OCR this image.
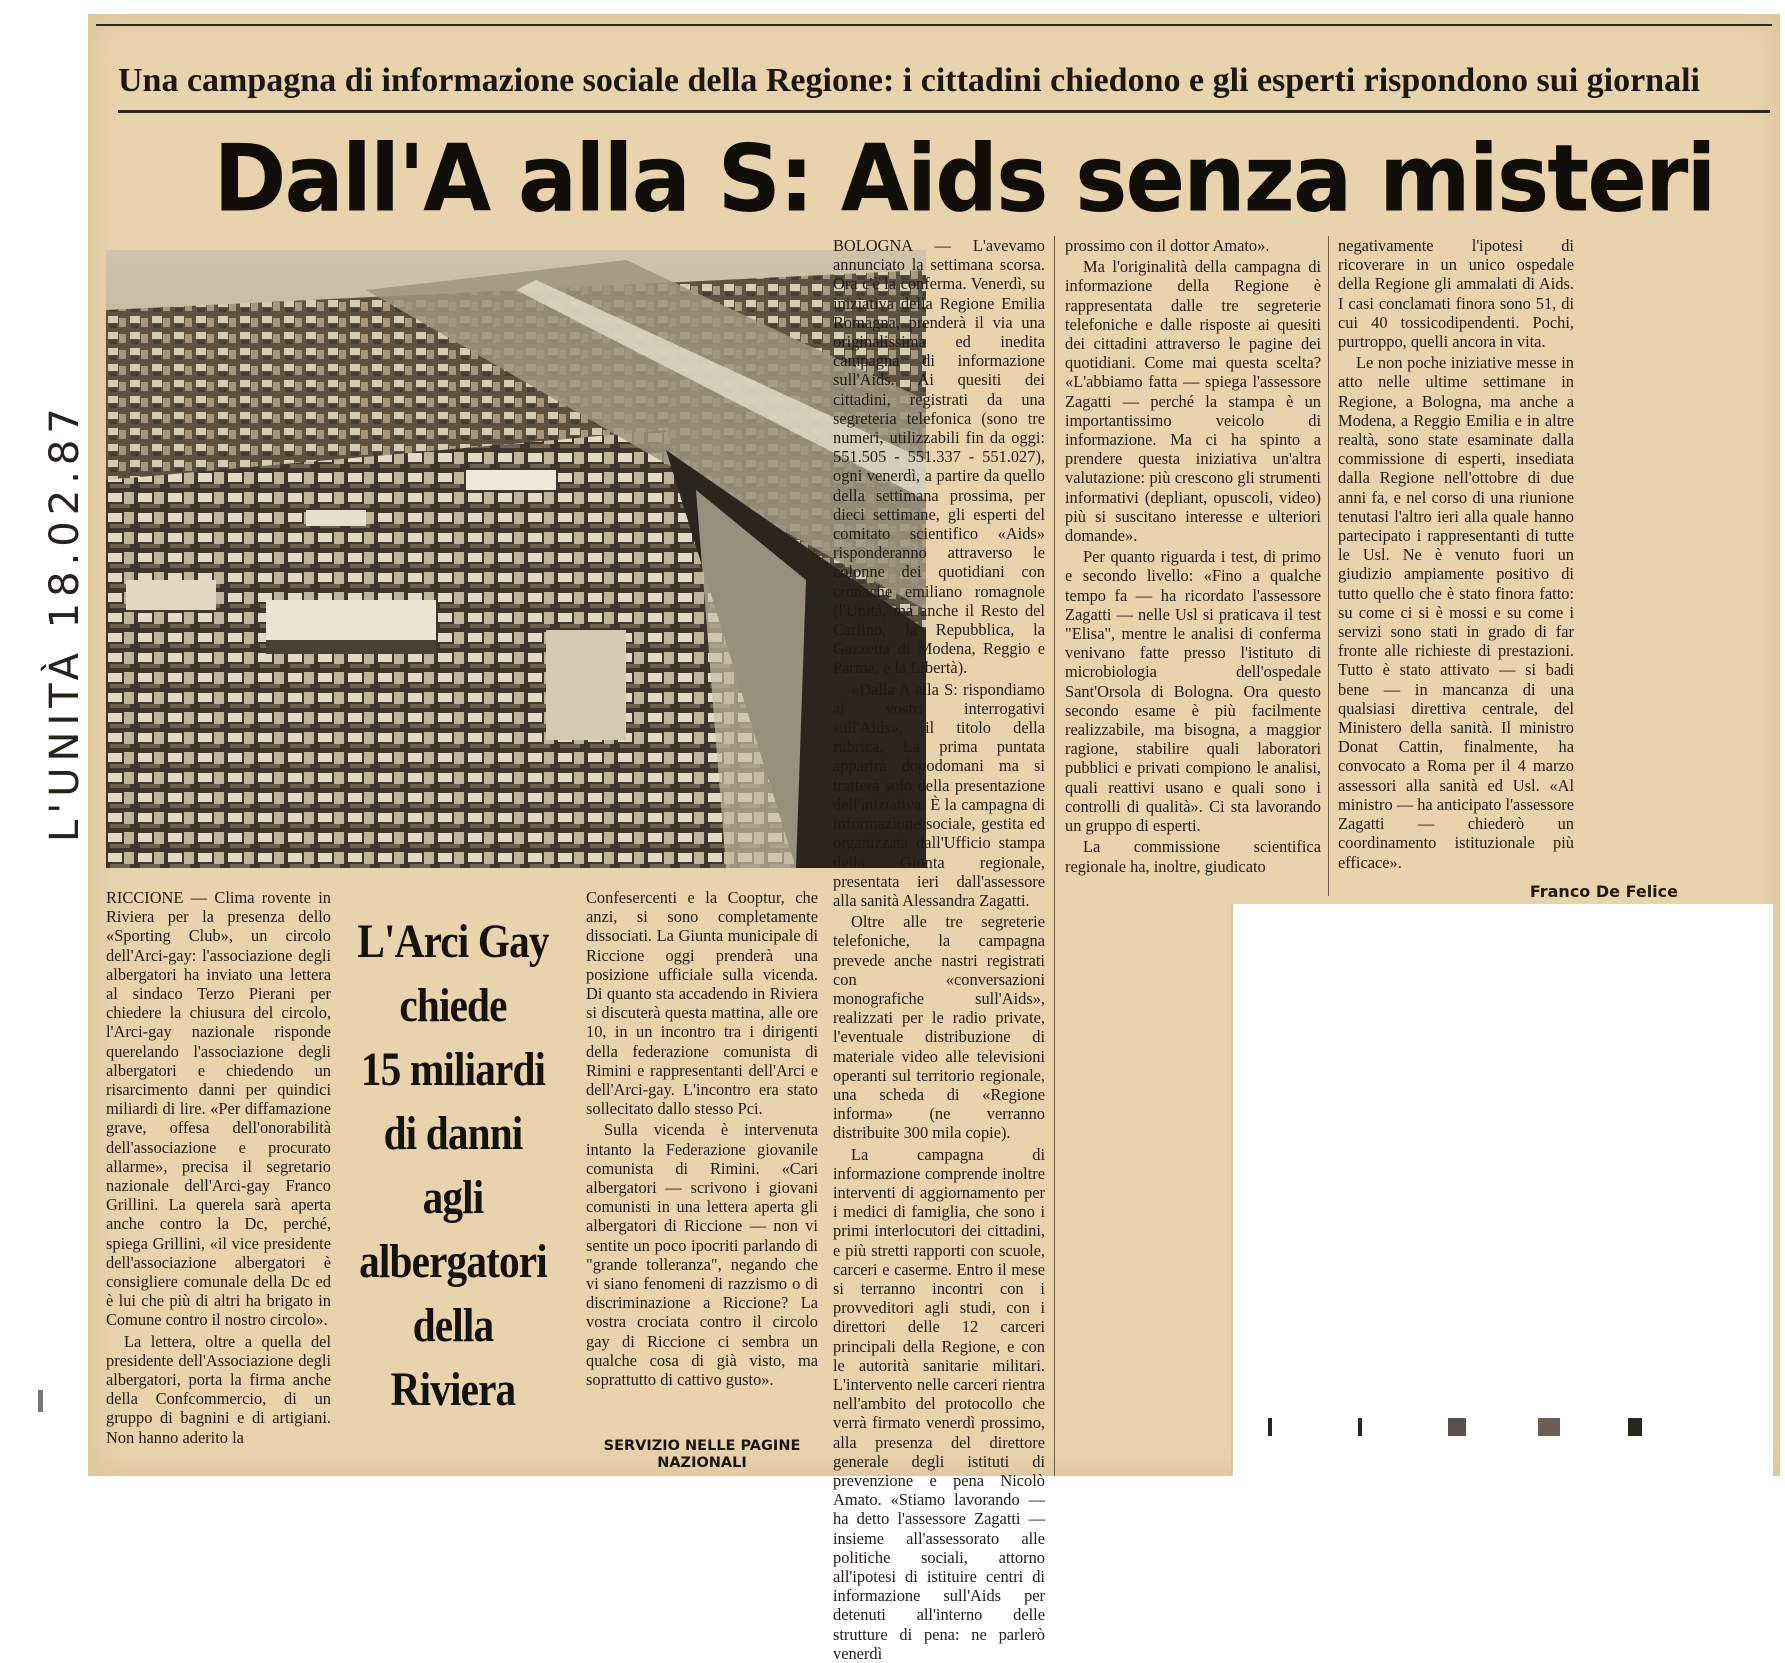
Una campagna di informazione sociale della Regione: i cittadini chiedono e gli esperti rispondono sui giornali
Dall'A alla S: Aids senza misteri

BOLOGNA — L'avevamo annunciato la settimana scorsa. Ora c'è la conferma. Venerdì, su iniziativa della Regione Emilia Romagna, prenderà il via una originalissima ed inedita campagna di informazione sull'Aids. Ai quesiti dei cittadini, registrati da una segreteria telefonica (sono tre numeri, utilizzabili fin da oggi: 551.505 - 551.337 - 551.027), ogni venerdì, a partire da quello della settimana prossima, per dieci settimane, gli esperti del comitato scientifico «Aids» risponderanno attraverso le colonne dei quotidiani con cronache emiliano romagnole (l'Unità, ma anche il Resto del Carlino, la Repubblica, la Gazzetta di Modena, Reggio e Parma, e la Libertà).

«Dalla A alla S: rispondiamo ai vostri interrogativi sull'Aids», il titolo della rubrica. La prima puntata apparirà dopodomani ma si tratterà solo della presentazione dell'iniziativa. È la campagna di informazione sociale, gestita ed organizzata dall'Ufficio stampa della Giunta regionale, presentata ieri dall'assessore alla sanità Alessandra Zagatti.

Oltre alle tre segreterie telefoniche, la campagna prevede anche nastri registrati con «conversazioni monografiche sull'Aids», realizzati per le radio private, l'eventuale distribuzione di materiale video alle televisioni operanti sul territorio regionale, una scheda di «Regione informa» (ne verranno distribuite 300 mila copie).

La campagna di informazione comprende inoltre interventi di aggiornamento per i medici di famiglia, che sono i primi interlocutori dei cittadini, e più stretti rapporti con scuole, carceri e caserme. Entro il mese si terranno incontri con i provveditori agli studi, con i direttori delle 12 carceri principali della Regione, e con le autorità sanitarie militari. L'intervento nelle carceri rientra nell'ambito del protocollo che verrà firmato venerdì prossimo, alla presenza del direttore generale degli istituti di prevenzione e pena Nicolò Amato. «Stiamo lavorando — ha detto l'assessore Zagatti — insieme all'assessorato alle politiche sociali, attorno all'ipotesi di istituire centri di informazione sull'Aids per detenuti all'interno delle strutture di pena: ne parlerò venerdì

prossimo con il dottor Amato».

Ma l'originalità della campagna di informazione della Regione è rappresentata dalle tre segreterie telefoniche e dalle risposte ai quesiti dei cittadini attraverso le pagine dei quotidiani. Come mai questa scelta? «L'abbiamo fatta — spiega l'assessore Zagatti — perché la stampa è un importantissimo veicolo di informazione. Ma ci ha spinto a prendere questa iniziativa un'altra valutazione: più crescono gli strumenti informativi (depliant, opuscoli, video) più si suscitano interesse e ulteriori domande».

Per quanto riguarda i test, di primo e secondo livello: «Fino a qualche tempo fa — ha ricordato l'assessore Zagatti — nelle Usl si praticava il test "Elisa", mentre le analisi di conferma venivano fatte presso l'istituto di microbiologia dell'ospedale Sant'Orsola di Bologna. Ora questo secondo esame è più facilmente realizzabile, ma bisogna, a maggior ragione, stabilire quali laboratori pubblici e privati compiono le analisi, quali reattivi usano e quali sono i controlli di qualità». Ci sta lavorando un gruppo di esperti.

La commissione scientifica regionale ha, inoltre, giudicato

negativamente l'ipotesi di ricoverare in un unico ospedale della Regione gli ammalati di Aids. I casi conclamati finora sono 51, di cui 40 tossicodipendenti. Pochi, purtroppo, quelli ancora in vita.

Le non poche iniziative messe in atto nelle ultime settimane in Regione, a Bologna, ma anche a Modena, a Reggio Emilia e in altre realtà, sono state esaminate dalla commissione di esperti, insediata dalla Regione nell'ottobre di due anni fa, e nel corso di una riunione tenutasi l'altro ieri alla quale hanno partecipato i rappresentanti di tutte le Usl. Ne è venuto fuori un giudizio ampiamente positivo di tutto quello che è stato finora fatto: su come ci si è mossi e su come i servizi sono stati in grado di far fronte alle richieste di prestazioni. Tutto è stato attivato — si badi bene — in mancanza di una qualsiasi direttiva centrale, del Ministero della sanità. Il ministro Donat Cattin, finalmente, ha convocato a Roma per il 4 marzo assessori alla sanità ed Usl. «Al ministro — ha anticipato l'assessore Zagatti — chiederò un coordinamento istituzionale più efficace».

RICCIONE — Clima rovente in Riviera per la presenza dello «Sporting Club», un circolo dell'Arci-gay: l'associazione degli albergatori ha inviato una lettera al sindaco Terzo Pierani per chiedere la chiusura del circolo, l'Arci-gay nazionale risponde querelando l'associazione degli albergatori e chiedendo un risarcimento danni per quindici miliardi di lire. «Per diffamazione grave, offesa dell'onorabilità dell'associazione e procurato allarme», precisa il segretario nazionale dell'Arci-gay Franco Grillini. La querela sarà aperta anche contro la Dc, perché, spiega Grillini, «il vice presidente dell'associazione albergatori è consigliere comunale della Dc ed è lui che più di altri ha brigato in Comune contro il nostro circolo».

La lettera, oltre a quella del presidente dell'Associazione degli albergatori, porta la firma anche della Confcommercio, di un gruppo di bagnini e di artigiani. Non hanno aderito la

L'Arci Gay
chiede
15 miliardi
di danni
agli
albergatori
della
Riviera

Confesercenti e la Cooptur, che anzi, si sono completamente dissociati. La Giunta municipale di Riccione oggi prenderà una posizione ufficiale sulla vicenda. Di quanto sta accadendo in Riviera si discuterà questa mattina, alle ore 10, in un incontro tra i dirigenti della federazione comunista di Rimini e rappresentanti dell'Arci e dell'Arci-gay. L'incontro era stato sollecitato dallo stesso Pci.

Sulla vicenda è intervenuta intanto la Federazione giovanile comunista di Rimini. «Cari albergatori — scrivono i giovani comunisti in una lettera aperta gli albergatori di Riccione — non vi sentite un poco ipocriti parlando di "grande tolleranza", negando che vi siano fenomeni di razzismo o di discriminazione a Riccione? La vostra crociata contro il circolo gay di Riccione ci sembra un qualche cosa di già visto, ma soprattutto di cattivo gusto».

SERVIZIO NELLE PAGINE NAZIONALI
Franco De Felice
L'UNITÀ 18.02.87
